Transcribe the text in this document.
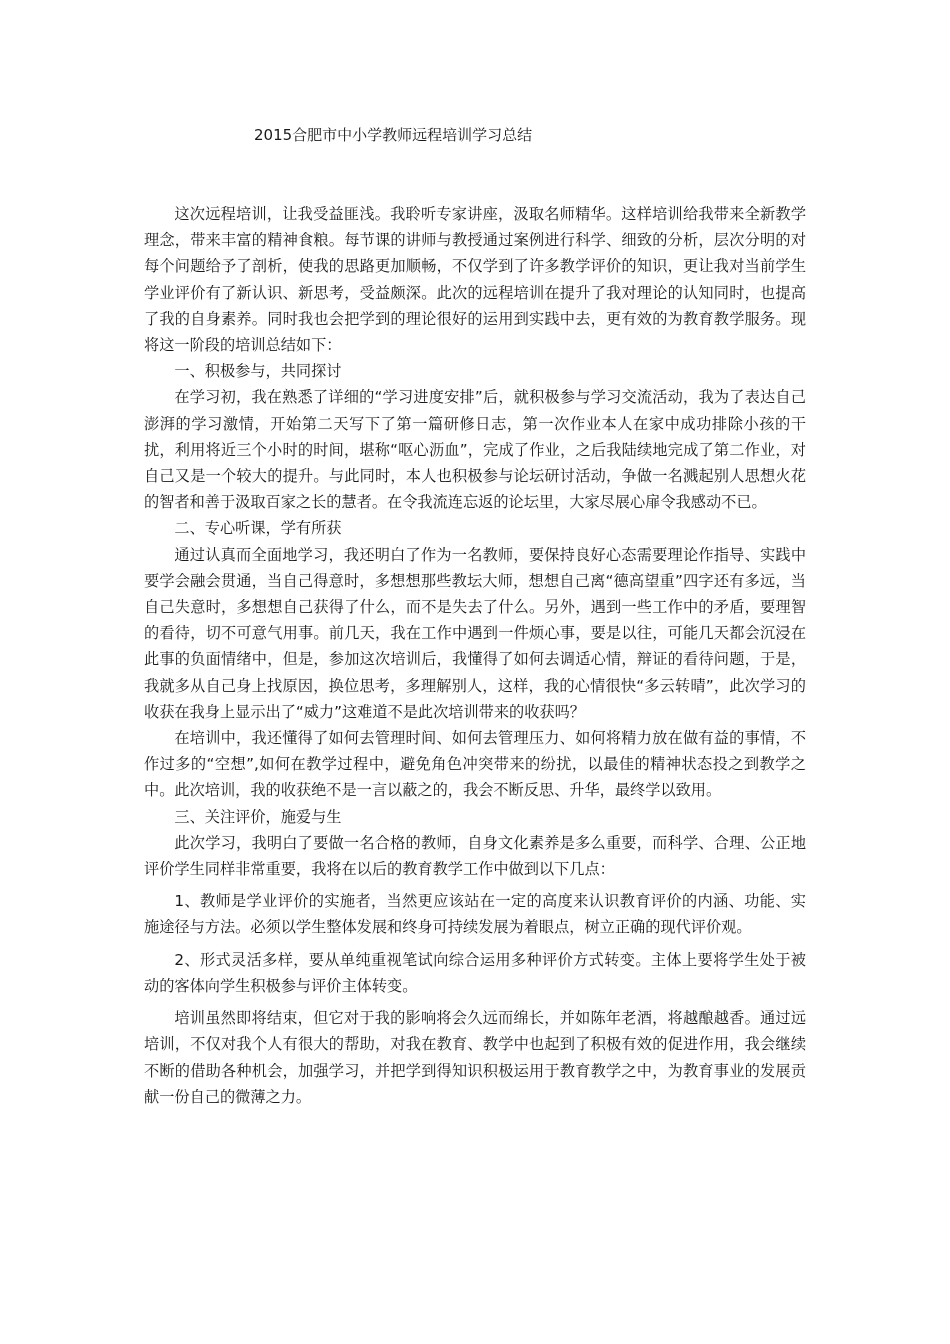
2015合肥市中小学教师远程培训学习总结

这次远程培训，让我受益匪浅。我聆听专家讲座，汲取名师精华。这样培训给我带来全新教学理念，带来丰富的精神食粮。每节课的讲师与教授通过案例进行科学、细致的分析，层次分明的对每个问题给予了剖析，使我的思路更加顺畅，不仅学到了许多教学评价的知识，更让我对当前学生学业评价有了新认识、新思考，受益颇深。此次的远程培训在提升了我对理论的认知同时，也提高了我的自身素养。同时我也会把学到的理论很好的运用到实践中去，更有效的为教育教学服务。现将这一阶段的培训总结如下：

一、积极参与，共同探讨

在学习初，我在熟悉了详细的“学习进度安排”后，就积极参与学习交流活动，我为了表达自己澎湃的学习激情，开始第二天写下了第一篇研修日志，第一次作业本人在家中成功排除小孩的干扰，利用将近三个小时的时间，堪称“呕心沥血”，完成了作业，之后我陆续地完成了第二作业，对自己又是一个较大的提升。与此同时，本人也积极参与论坛研讨活动，争做一名溅起别人思想火花的智者和善于汲取百家之长的慧者。在令我流连忘返的论坛里，大家尽展心扉令我感动不已。

二、专心听课，学有所获

通过认真而全面地学习，我还明白了作为一名教师，要保持良好心态需要理论作指导、实践中要学会融会贯通，当自己得意时，多想想那些教坛大师，想想自己离“德高望重”四字还有多远，当自己失意时，多想想自己获得了什么，而不是失去了什么。另外，遇到一些工作中的矛盾，要理智的看待，切不可意气用事。前几天，我在工作中遇到一件烦心事，要是以往，可能几天都会沉浸在此事的负面情绪中，但是，参加这次培训后，我懂得了如何去调适心情，辩证的看待问题，于是，我就多从自己身上找原因，换位思考，多理解别人，这样，我的心情很快“多云转晴”，此次学习的收获在我身上显示出了“威力”这难道不是此次培训带来的收获吗？

在培训中，我还懂得了如何去管理时间、如何去管理压力、如何将精力放在做有益的事情，不作过多的“空想”,如何在教学过程中，避免角色冲突带来的纷扰，以最佳的精神状态投之到教学之中。此次培训，我的收获绝不是一言以蔽之的，我会不断反思、升华，最终学以致用。

三、关注评价，施爱与生

此次学习，我明白了要做一名合格的教师，自身文化素养是多么重要，而科学、合理、公正地评价学生同样非常重要，我将在以后的教育教学工作中做到以下几点：

1、教师是学业评价的实施者，当然更应该站在一定的高度来认识教育评价的内涵、功能、实施途径与方法。必须以学生整体发展和终身可持续发展为着眼点，树立正确的现代评价观。

2、形式灵活多样，要从单纯重视笔试向综合运用多种评价方式转变。主体上要将学生处于被动的客体向学生积极参与评价主体转变。

培训虽然即将结束，但它对于我的影响将会久远而绵长，并如陈年老酒，将越酿越香。通过远培训，不仅对我个人有很大的帮助，对我在教育、教学中也起到了积极有效的促进作用，我会继续不断的借助各种机会，加强学习，并把学到得知识积极运用于教育教学之中，为教育事业的发展贡献一份自己的微薄之力。
